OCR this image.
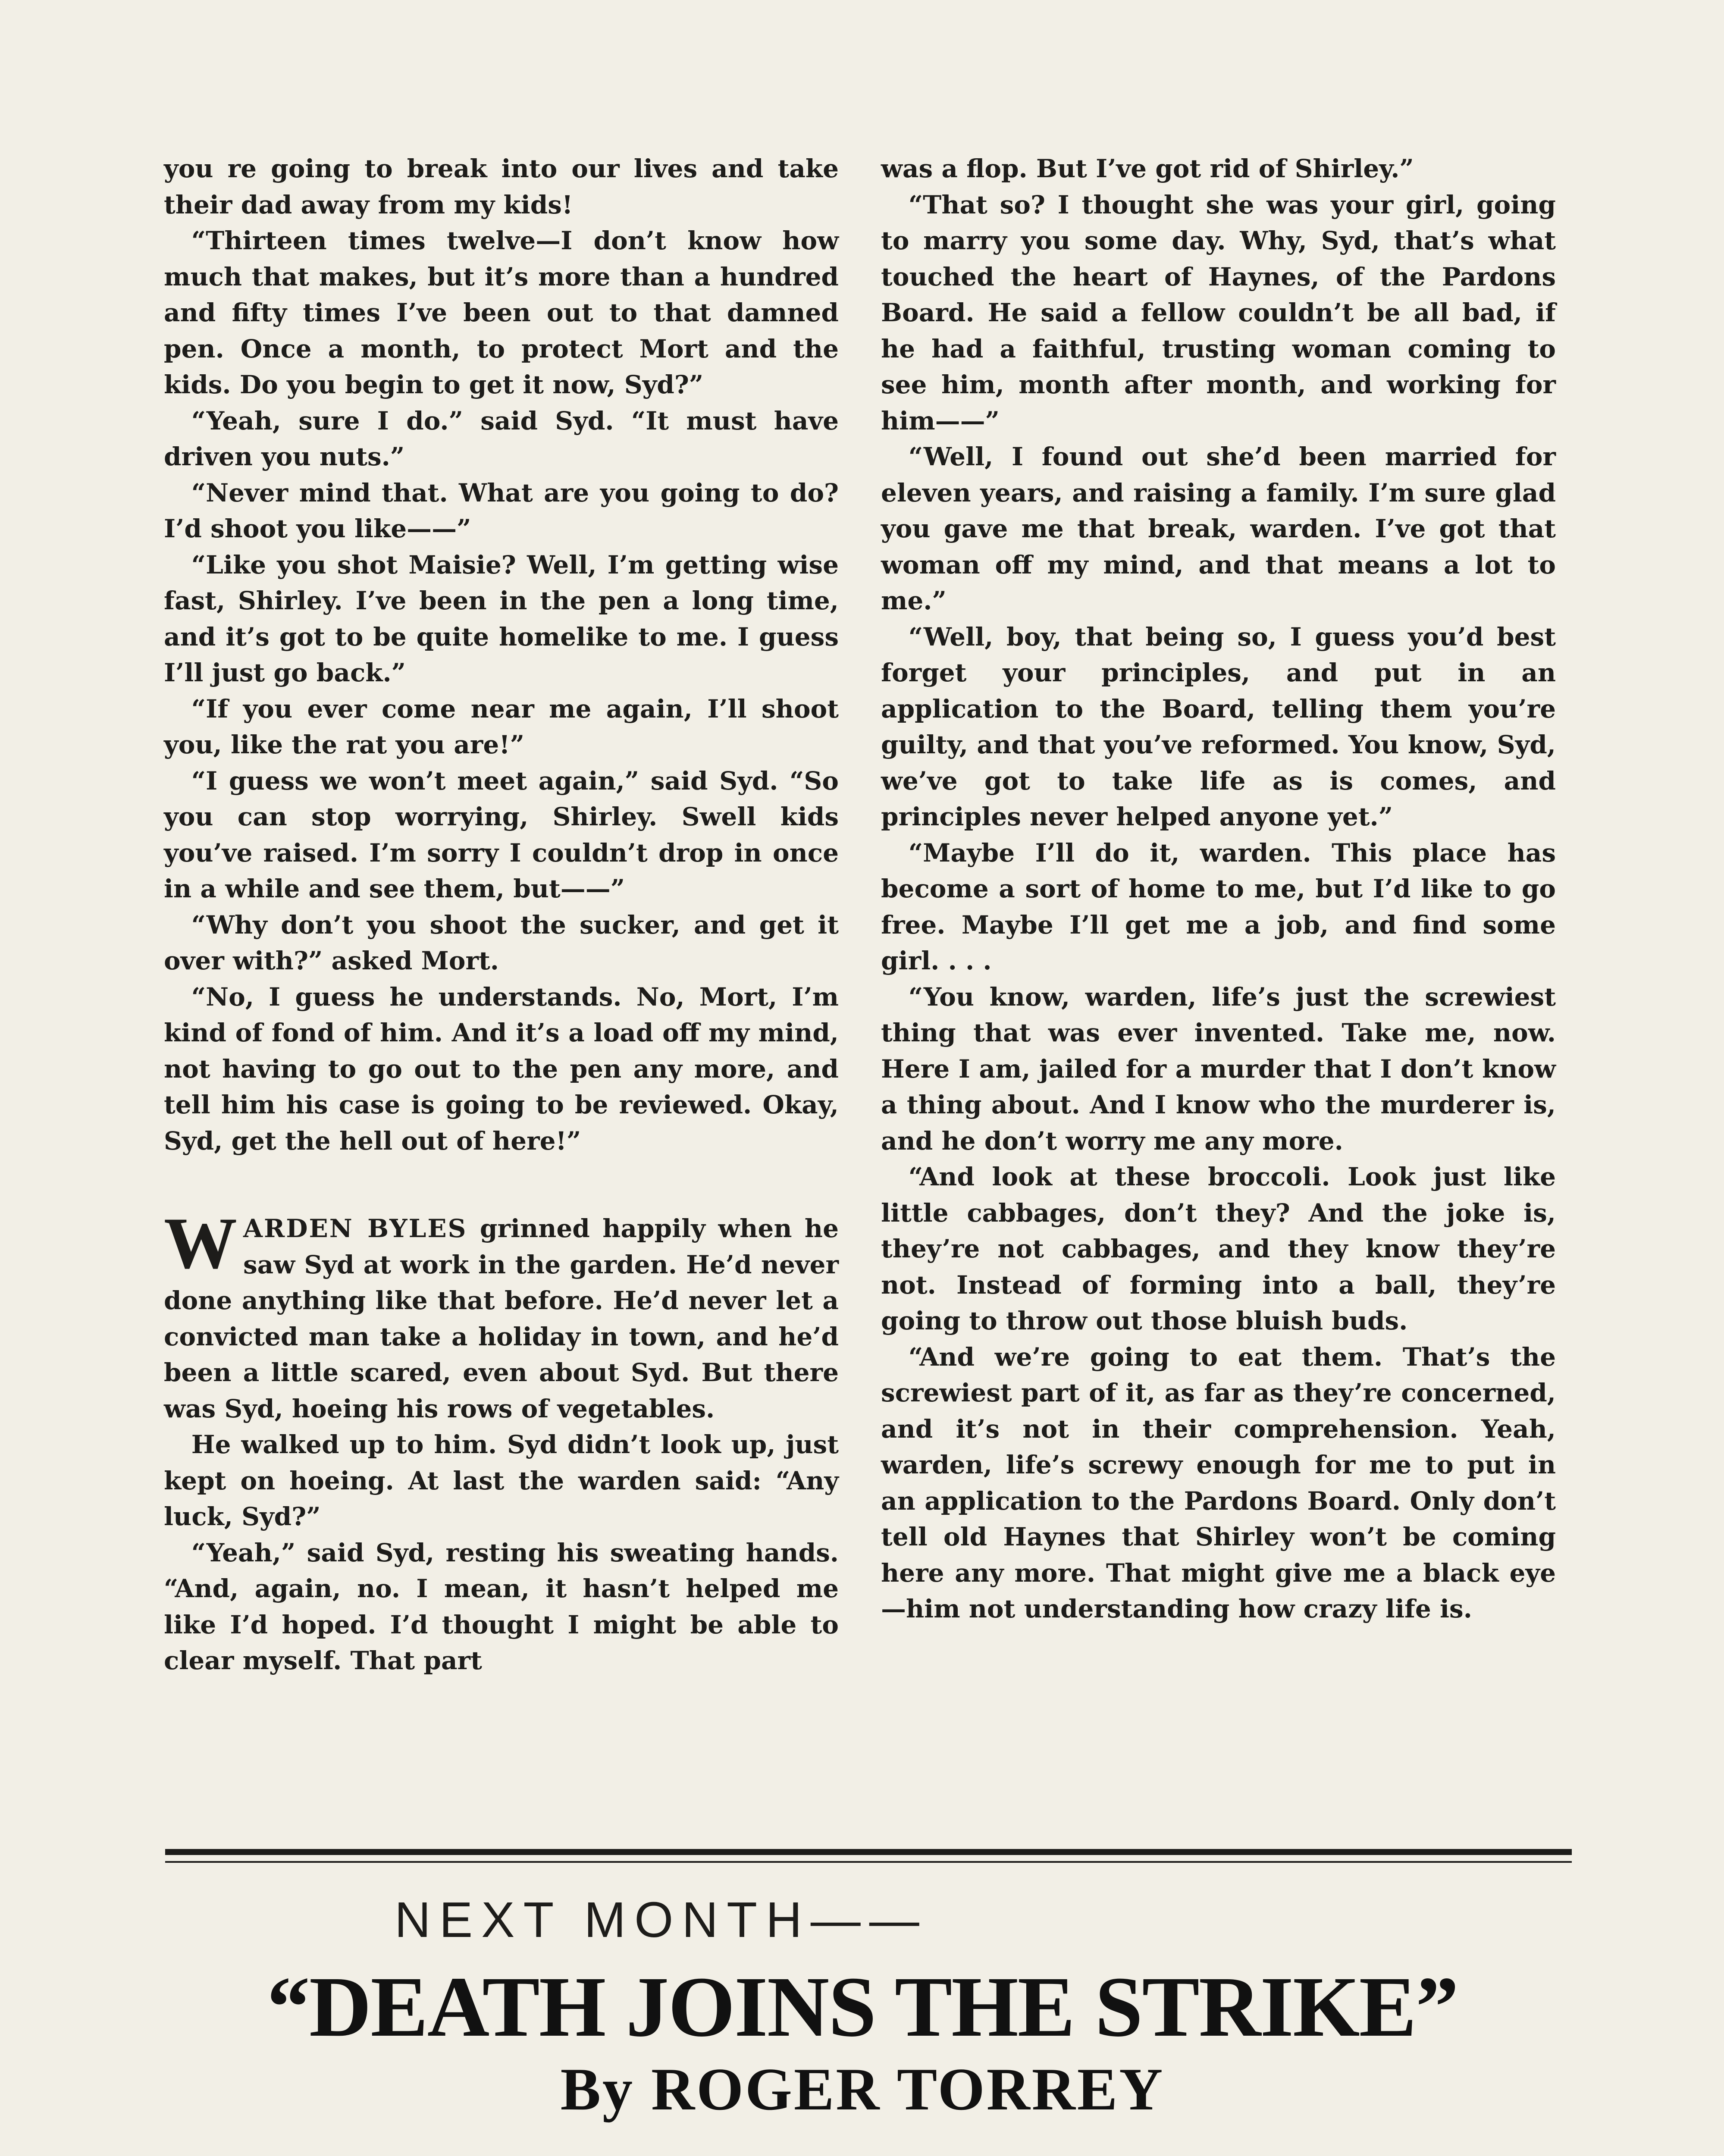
you re going to break into our lives and take their dad away from my kids!

“Thirteen times twelve—I don’t know how much that makes, but it’s more than a hundred and fifty times I’ve been out to that damned pen. Once a month, to protect Mort and the kids. Do you begin to get it now, Syd?”

“Yeah, sure I do.” said Syd. “It must have driven you nuts.”

“Never mind that. What are you going to do? I’d shoot you like——”

“Like you shot Maisie? Well, I’m getting wise fast, Shirley. I’ve been in the pen a long time, and it’s got to be quite homelike to me. I guess I’ll just go back.”

“If you ever come near me again, I’ll shoot you, like the rat you are!”

“I guess we won’t meet again,” said Syd. “So you can stop worrying, Shirley. Swell kids you’ve raised. I’m sorry I couldn’t drop in once in a while and see them, but——”

“Why don’t you shoot the sucker, and get it over with?” asked Mort.

“No, I guess he understands. No, Mort, I’m kind of fond of him. And it’s a load off my mind, not having to go out to the pen any more, and tell him his case is going to be reviewed. Okay, Syd, get the hell out of here!”

WARDEN BYLES grinned happily when he saw Syd at work in the garden. He’d never done anything like that before. He’d never let a convicted man take a holiday in town, and he’d been a little scared, even about Syd. But there was Syd, hoeing his rows of vegetables.

He walked up to him. Syd didn’t look up, just kept on hoeing. At last the warden said: “Any luck, Syd?”

“Yeah,” said Syd, resting his sweating hands. “And, again, no. I mean, it hasn’t helped me like I’d hoped. I’d thought I might be able to clear myself. That part

was a flop. But I’ve got rid of Shirley.”

“That so? I thought she was your girl, going to marry you some day. Why, Syd, that’s what touched the heart of Haynes, of the Pardons Board. He said a fellow couldn’t be all bad, if he had a faithful, trusting woman coming to see him, month after month, and working for him——”

“Well, I found out she’d been married for eleven years, and raising a family. I’m sure glad you gave me that break, warden. I’ve got that woman off my mind, and that means a lot to me.”

“Well, boy, that being so, I guess you’d best forget your principles, and put in an application to the Board, telling them you’re guilty, and that you’ve reformed. You know, Syd, we’ve got to take life as is comes, and principles never helped anyone yet.”

“Maybe I’ll do it, warden. This place has become a sort of home to me, but I’d like to go free. Maybe I’ll get me a job, and find some girl. . . .

“You know, warden, life’s just the screwiest thing that was ever invented. Take me, now. Here I am, jailed for a murder that I don’t know a thing about. And I know who the murderer is, and he don’t worry me any more.

“And look at these broccoli. Look just like little cabbages, don’t they? And the joke is, they’re not cabbages, and they know they’re not. Instead of forming into a ball, they’re going to throw out those bluish buds.

“And we’re going to eat them. That’s the screwiest part of it, as far as they’re concerned, and it’s not in their comprehension. Yeah, warden, life’s screwy enough for me to put in an application to the Pardons Board. Only don’t tell old Haynes that Shirley won’t be coming here any more. That might give me a black eye—him not understanding how crazy life is.

NEXT MONTH——
“DEATH JOINS THE STRIKE”
By ROGER TORREY
